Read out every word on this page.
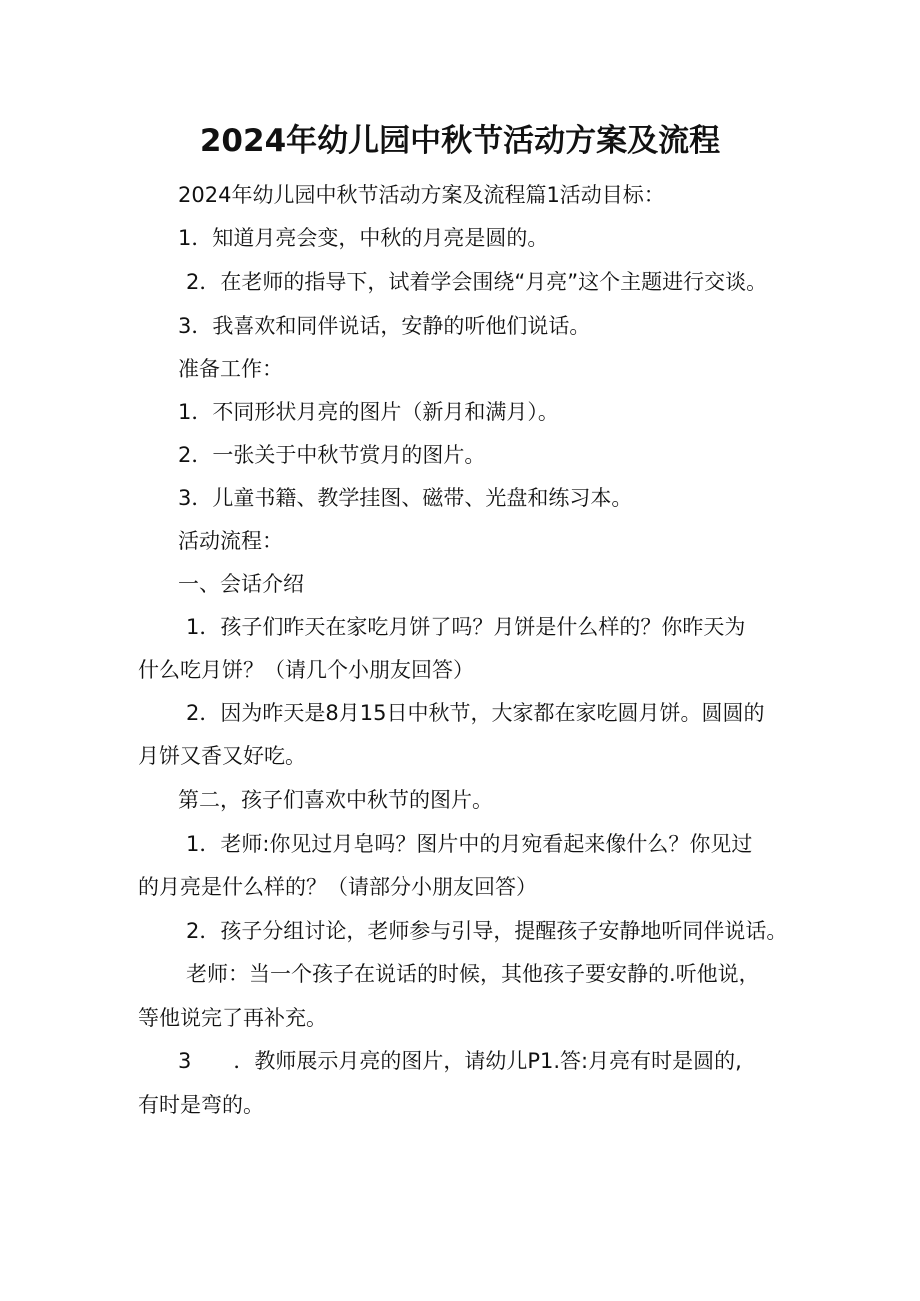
2024年幼儿园中秋节活动方案及流程
2024年幼儿园中秋节活动方案及流程篇1活动目标：
1．知道月亮会变，中秋的月亮是圆的。
2．在老师的指导下，试着学会围绕“月亮”这个主题进行交谈。
3．我喜欢和同伴说话，安静的听他们说话。
准备工作：
1．不同形状月亮的图片（新月和满月）。
2．一张关于中秋节赏月的图片。
3．儿童书籍、教学挂图、磁带、光盘和练习本。
活动流程：
一、会话介绍
1．孩子们昨天在家吃月饼了吗？月饼是什么样的？你昨天为
什么吃月饼？（请几个小朋友回答）
2．因为昨天是8月15日中秋节，大家都在家吃圆月饼。圆圆的
月饼又香又好吃。
第二，孩子们喜欢中秋节的图片。
1．老师:你见过月皂吗？图片中的月宛看起来像什么？你见过
的月亮是什么样的？（请部分小朋友回答）
2．孩子分组讨论，老师参与引导，提醒孩子安静地听同伴说话。
老师：当一个孩子在说话的时候，其他孩子要安静的.听他说，
等他说完了再补充。
3　　．教师展示月亮的图片，请幼儿P1.答:月亮有时是圆的,
有时是弯的。
